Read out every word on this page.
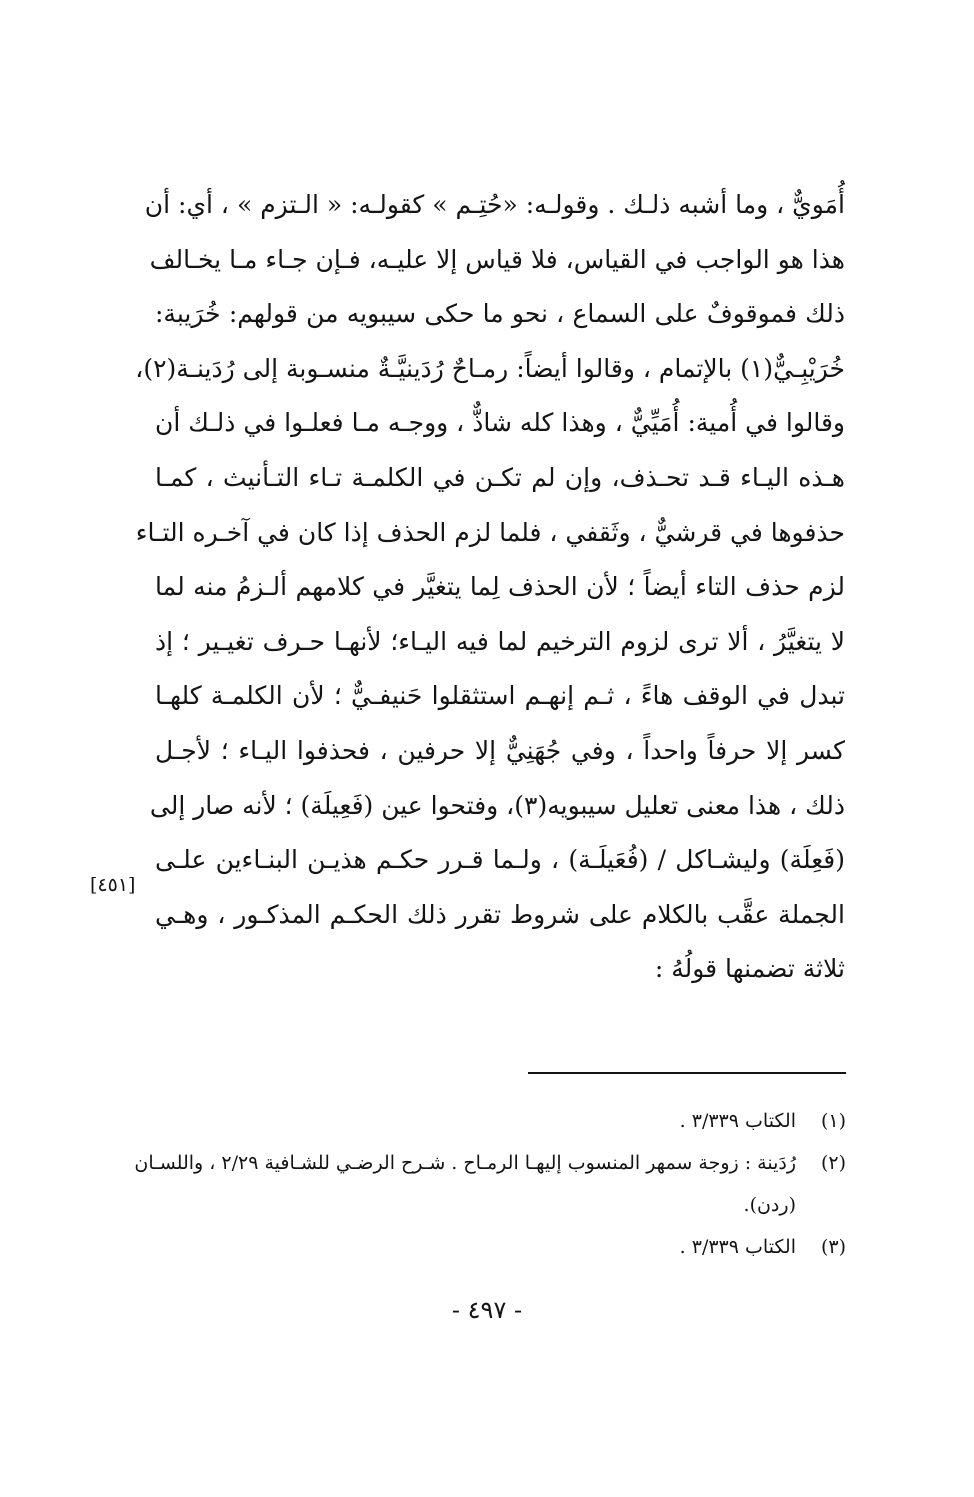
أُمَويٌّ ، وما أشبه ذلـك . وقولـه: «حُتِـم » كقولـه: « الـتزم » ، أي: أن
هذا هو الواجب في القياس، فلا قياس إلا عليـه، فـإن جـاء مـا يخـالف
ذلك فموقوفٌ على السماع ، نحو ما حكى سيبويه من قولهم: خُرَيبة:
خُرَيْبِـيٌّ(١) بالإتمام ، وقالوا أيضاً: رمـاحٌ رُدَينيَّـةٌ منسـوبة إلى رُدَينـة(٢)،
وقالوا في أُمية: أُمَيِّيٌّ ، وهذا كله شاذٌّ ، ووجـه مـا فعلـوا في ذلـك أن
هـذه اليـاء قـد تحـذف، وإن لم تكـن في الكلمـة تـاء التـأنيث ، كمـا
حذفوها في قرشيٌّ ، وثَقفي ، فلما لزم الحذف إذا كان في آخـره التـاء
لزم حذف التاء أيضاً ؛ لأن الحذف لِما يتغيَّر في كلامهم ألـزمُ منه لما
لا يتغيَّرُ ، ألا ترى لزوم الترخيم لما فيه اليـاء؛ لأنهـا حـرف تغيـير ؛ إذ
تبدل في الوقف هاءً ، ثـم إنهـم استثقلوا حَنيفـيٌّ ؛ لأن الكلمـة كلهـا
كسر إلا حرفاً واحداً ، وفي جُهَنِيٌّ إلا حرفين ، فحذفوا اليـاء ؛ لأجـل
ذلك ، هذا معنى تعليل سيبويه(٣)، وفتحوا عين (فَعِيلَة) ؛ لأنه صار إلى
(فَعِلَة) وليشـاكل / (فُعَيلَـة) ، ولـما قـرر حكـم هذيـن البنـاءين علـى
الجملة عقَّب بالكلام على شروط تقرر ذلك الحكـم المذكـور ، وهـي
ثلاثة تضمنها قولُهُ :
[٤٥١]
(١)
الكتاب ٣/٣٣٩ .
(٢)
رُدَينة : زوجة سمهر المنسوب إليهـا الرمـاح . شـرح الرضـي للشـافية ٢/٢٩ ، واللسـان
(ردن).
(٣)
الكتاب ٣/٣٣٩ .
- ٤٩٧ -
